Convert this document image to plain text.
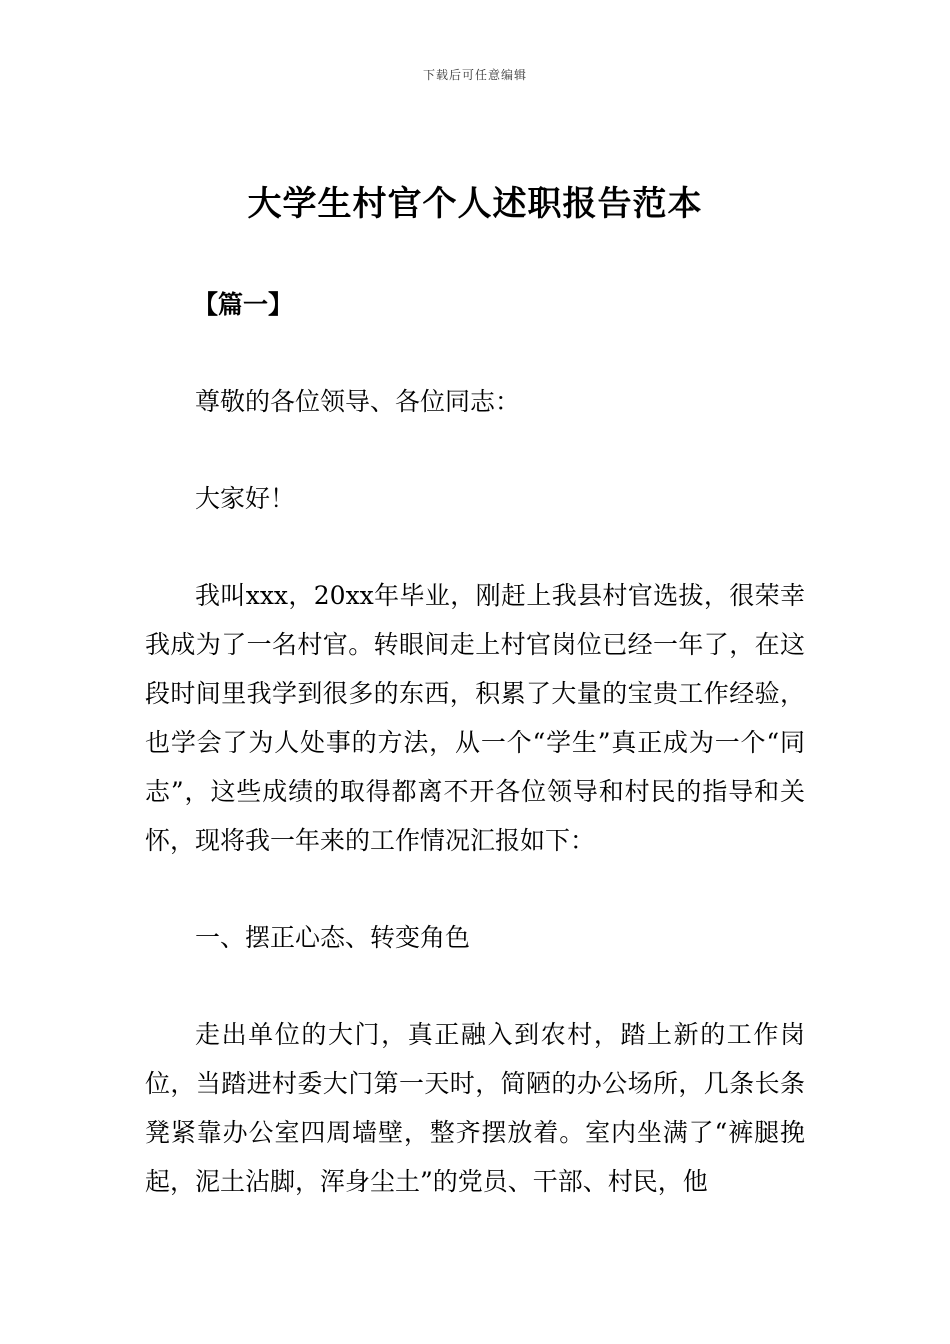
下载后可任意编辑
大学生村官个人述职报告范本

【篇一】

尊敬的各位领导、各位同志：

大家好！

我叫xxx，20xx年毕业，刚赶上我县村官选拔，很荣幸我成为了一名村官。转眼间走上村官岗位已经一年了，在这段时间里我学到很多的东西，积累了大量的宝贵工作经验，也学会了为人处事的方法，从一个“学生”真正成为一个“同志”，这些成绩的取得都离不开各位领导和村民的指导和关怀，现将我一年来的工作情况汇报如下：

一、摆正心态、转变角色

走出单位的大门，真正融入到农村，踏上新的工作岗位，当踏进村委大门第一天时，简陋的办公场所，几条长条凳紧靠办公室四周墙壁，整齐摆放着。室内坐满了“裤腿挽起，泥土沾脚，浑身尘土”的党员、干部、村民，他
